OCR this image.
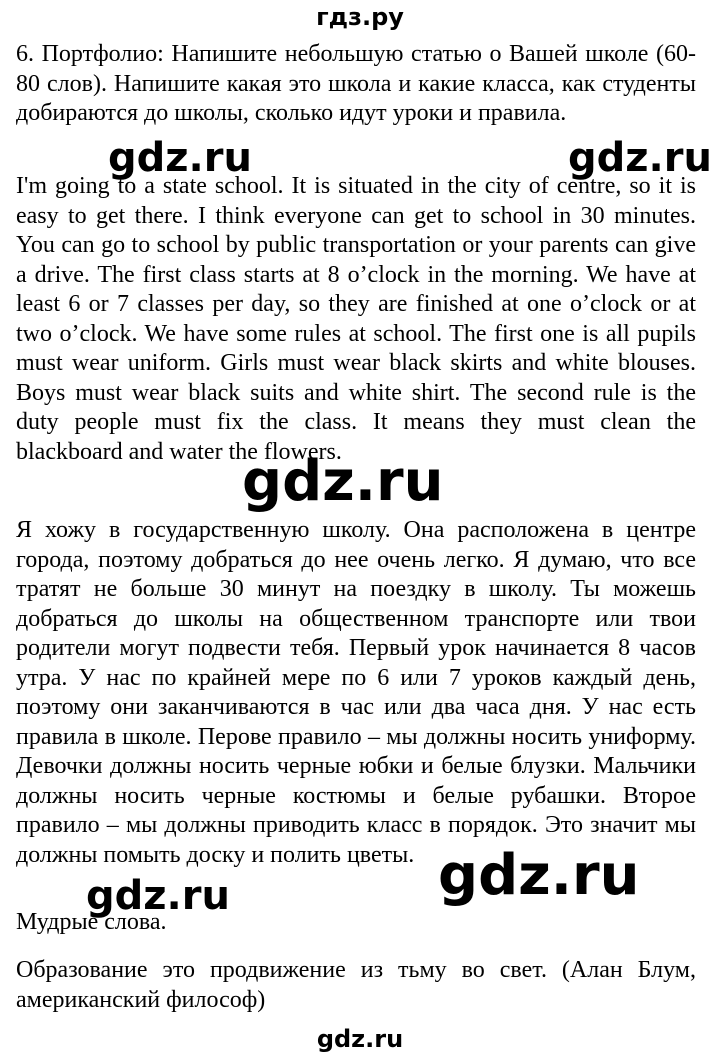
гдз.ру

6. Портфолио: Напишите небольшую статью о Вашей школе (60-80 слов). Напишите какая это школа и какие класса, как студенты добираются до школы, сколько идут уроки и правила.

I'm going to a state school. It is situated in the city of centre, so it is easy to get there. I think everyone can get to school in 30 minutes. You can go to school by public transportation or your parents can give a drive. The first class starts at 8 o’clock in the morning. We have at least 6 or 7 classes per day, so they are finished at one o’clock or at two o’clock. We have some rules at school. The first one is all pupils must wear uniform. Girls must wear black skirts and white blouses. Boys must wear black suits and white shirt. The second rule is the duty people must fix the class. It means they must clean the blackboard and water the flowers.

Я хожу в государственную школу. Она расположена в центре города, поэтому добраться до нее очень легко. Я думаю, что все тратят не больше 30 минут на поездку в школу. Ты можешь добраться до школы на общественном транспорте или твои родители могут подвести тебя. Первый урок начинается 8 часов утра. У нас по крайней мере по 6 или 7 уроков каждый день, поэтому они заканчиваются в час или два часа дня. У нас есть правила в школе. Перове правило – мы должны носить униформу. Девочки должны носить черные юбки и белые блузки. Мальчики должны носить черные костюмы и белые рубашки. Второе правило – мы должны приводить класс в порядок. Это значит мы должны помыть доску и полить цветы.

Мудрые слова.

Образование это продвижение из тьму во свет. (Алан Блум, американский философ)

gdz.ru	gdz.ru
gdz.ru
gdz.ru
gdz.ru
gdz.ru
